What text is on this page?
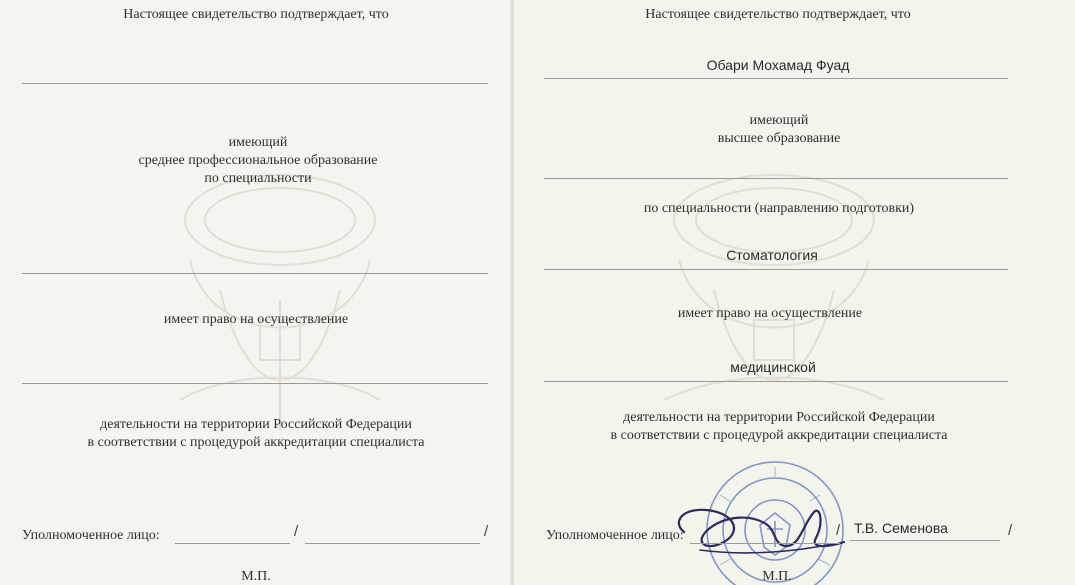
Настоящее свидетельство подтверждает, что
имеющий
среднее профессиональное образование
по специальности
имеет право на осуществление
деятельности на территории Российской Федерации
в соответствии с процедурой аккредитации специалиста
Уполномоченное лицо:	/	/
М.П.
Настоящее свидетельство подтверждает, что
Обари Мохамад Фуад
имеющий
высшее образование
по специальности (направлению подготовки)
Стоматология
имеет право на осуществление
медицинской
деятельности на территории Российской Федерации
в соответствии с процедурой аккредитации специалиста
Уполномоченное лицо:	/ Т.В. Семенова	/
М.П.
